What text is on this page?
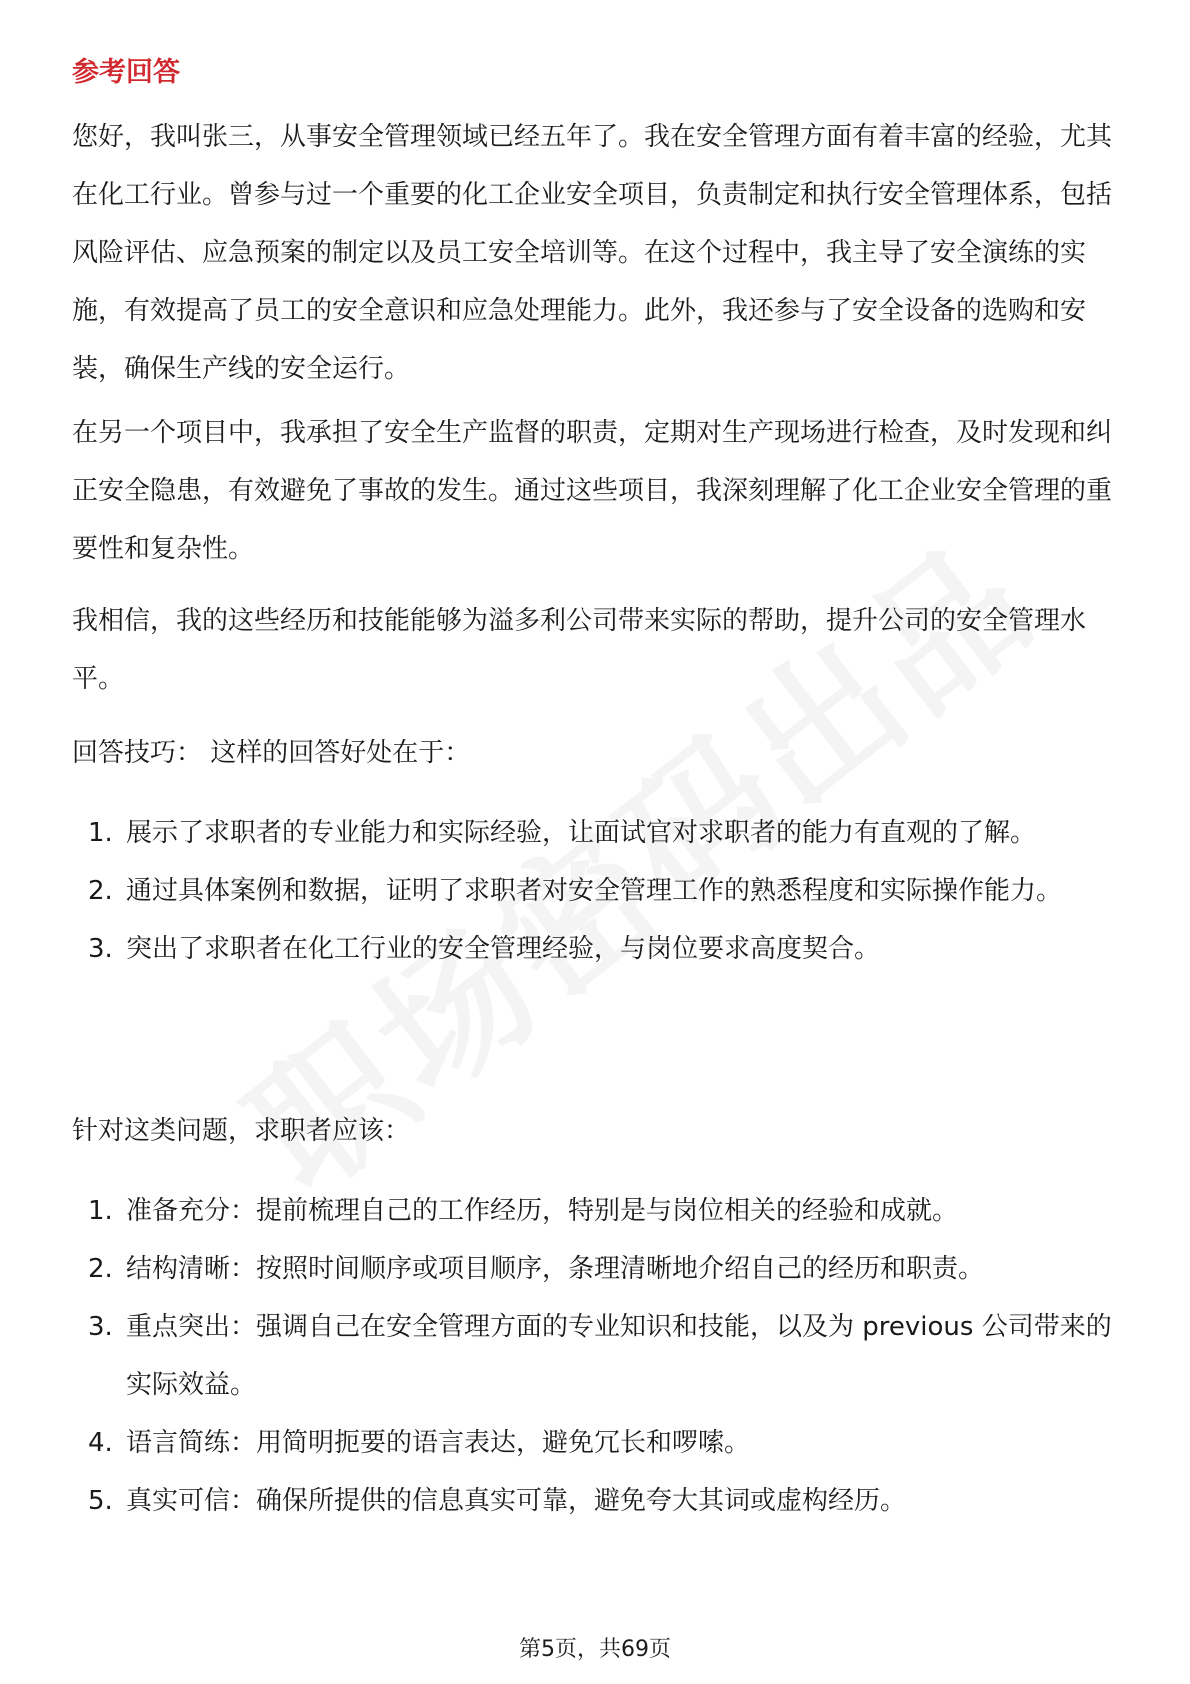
参考回答

您好，我叫张三，从事安全管理领域已经五年了。我在安全管理方面有着丰富的经验，尤其在化工行业。曾参与过一个重要的化工企业安全项目，负责制定和执行安全管理体系，包括风险评估、应急预案的制定以及员工安全培训等。在这个过程中，我主导了安全演练的实施，有效提高了员工的安全意识和应急处理能力。此外，我还参与了安全设备的选购和安装，确保生产线的安全运行。

在另一个项目中，我承担了安全生产监督的职责，定期对生产现场进行检查，及时发现和纠正安全隐患，有效避免了事故的发生。通过这些项目，我深刻理解了化工企业安全管理的重要性和复杂性。

我相信，我的这些经历和技能能够为溢多利公司带来实际的帮助，提升公司的安全管理水平。

回答技巧： 这样的回答好处在于：

1. 展示了求职者的专业能力和实际经验，让面试官对求职者的能力有直观的了解。
2. 通过具体案例和数据，证明了求职者对安全管理工作的熟悉程度和实际操作能力。
3. 突出了求职者在化工行业的安全管理经验，与岗位要求高度契合。

针对这类问题，求职者应该：

1. 准备充分：提前梳理自己的工作经历，特别是与岗位相关的经验和成就。
2. 结构清晰：按照时间顺序或项目顺序，条理清晰地介绍自己的经历和职责。
3. 重点突出：强调自己在安全管理方面的专业知识和技能，以及为 previous 公司带来的实际效益。
4. 语言简练：用简明扼要的语言表达，避免冗长和啰嗦。
5. 真实可信：确保所提供的信息真实可靠，避免夸大其词或虚构经历。
第5页，共69页
